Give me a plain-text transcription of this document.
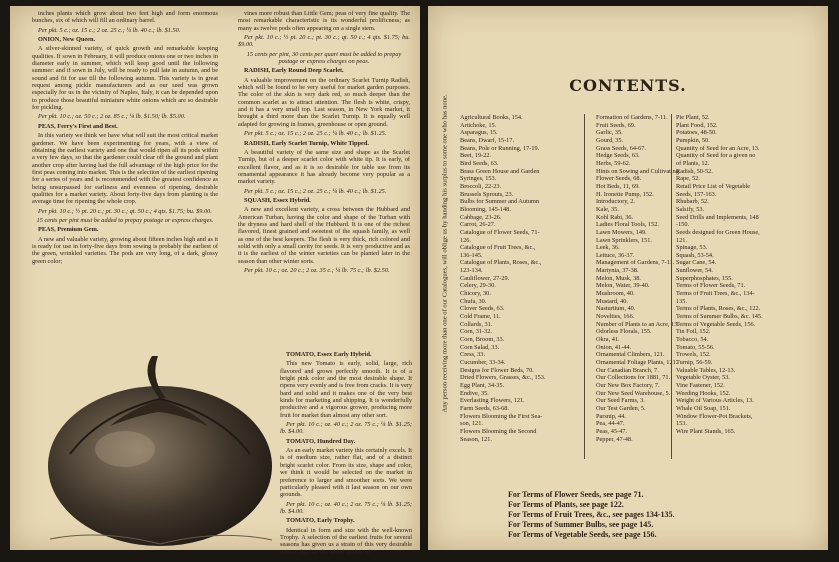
inches plants which grow about two feet high and form enormous bunches, six of which will fill an ordinary barrel.

Per pkt. 5 c.; oz. 15 c.; 2 oz. 25 c.; ¼ lb. 40 c.; lb. $1.50.

ONION, New Queen.

A silver-skinned variety, of quick growth and remarkable keeping qualities. If sown in February, it will produce onions one or two inches in diameter early in summer, which will keep good until the following summer: and if sown in July, will be ready to pull late in autumn, and be sound and fit for use till the following autumn. This variety is in great request among pickle manufacturers and as our seed was grown especially for us in the vicinity of Naples, Italy, it can be depended upon to produce those beautiful miniature white onions which are so desirable for pickling.

Per pkt. 10 c.; oz. 50 c.; 2 oz. 85 c.; ¼ lb. $1.50; lb. $5.00.

PEAS, Ferry's First and Best.

In this variety we think we have what will suit the most critical market gardener. We have been experimenting for years, with a view of obtaining the earliest variety and one that would ripen all its pods within a very few days, so that the gardener could clear off the ground and plant another crop after having had the full advantage of the high price for the first peas coming into market. This is the selection of the earliest ripening for a series of years and is recommended with the greatest confidence as being unsurpassed for earliness and evenness of ripening, desirable qualities for a market variety. About forty-five days from planting is the average time for ripening the whole crop.

Per pkt. 10 c.; ½ pt. 20 c.; pt. 30 c.; qt. 50 c.; 4 qts. $1.75; bu. $9.00.

15 cents per pint must be added to prepay postage or express charges.

PEAS, Premium Gem.

A new and valuable variety, growing about fifteen inches high and as it is ready for use in forty-five days from sowing is probably the earliest of the green, wrinkled varieties. The pods are very long, of a dark, glossy green color;

vines more robust than Little Gem; peas of very fine quality. The most remarkable characteristic is its wonderful prolificness; as many as twelve pods often appearing on a single stem.

Per pkt. 10 c.; ½ pt. 20 c.; pt. 30 c.; qt. 50 c.; 4 qts. $1.75; bu. $9.00.

15 cents per pint, 30 cents per quart must be added to prepay postage or express charges on peas.

RADISH, Early Round Deep Scarlet.

A valuable improvement on the ordinary Scarlet Turnip Radish, which will be found to be very useful for market garden purposes. The color of the skin is very dark red, so much deeper than the common scarlet as to attract attention. The flesh is white, crispy, and it has a very small top. Last season, in New York market, it brought a third more than the Scarlet Turnip. It is equally well adapted for growing in frames, greenhouse or open ground.

Per pkt. 5 c.; oz. 15 c.; 2 oz. 25 c.; ¼ lb. 40 c.; lb. $1.25.

RADISH, Early Scarlet Turnip, White Tipped.

A beautiful variety of the same size and shape as the Scarlet Turnip, but of a deeper scarlet color with white tip. It is early, of excellent flavor, and as it is so desirable for table use from its ornamental appearance it has already become very popular as a market variety.

Per pkt. 5 c.; oz. 15 c.; 2 oz. 25 c.; ¼ lb. 40 c.; lb. $1.25.

SQUASH, Essex Hybrid.

A new and excellent variety, a cross between the Hubbard and American Turban, having the color and shape of the Turban with the dryness and hard shell of the Hubbard. It is one of the richest flavored, finest grained and sweetest of the squash family, as well as one of the best keepers. The flesh is very thick, rich colored and solid with only a small cavity for seeds. It is very productive and as it is the earliest of the winter varieties can be planted later in the season than other winter sorts.

Per pkt. 10 c.; oz. 20 c.; 2 oz. 35 c.; ¼ lb. 75 c.; lb. $2.50.

TOMATO, Essex Early Hybrid.

This new Tomato is early, solid, large, rich flavored and grows perfectly smooth. It is of a bright pink color and the most desirable shape. It ripens very evenly and is free from cracks. It is very hard and solid and it makes one of the very best kinds for marketing and shipping. It is wonderfully productive and a vigorous grower, producing more fruit for market than almost any other sort.

Per pkt. 10 c.; oz. 40 c.; 2 oz. 75 c.; ¼ lb. $1.25; lb. $4.00.

TOMATO, Hundred Day.

As an early market variety this certainly excels. It is of medium size, rather flat, and of a distinct bright scarlet color. From its size, shape and color, we think it would be selected on the market in preference to larger and smoother sorts. We were particularly pleased with it last season on our own grounds.

Per pkt. 10 c.; oz. 40 c.; 2 oz. 75 c.; ¼ lb. $1.25; lb. $4.00.

TOMATO, Early Trophy.

Identical in form and size with the well-known Trophy. A selection of the earliest fruits for several seasons has given us a strain of this very desirable tomato that has the added quality of

Any person receiving more than one of our Catalogues, will oblige us by handing his surplus to some one who has none.
CONTENTS.
Agricultural Books, 154.
Artichoke, 15.
Asparagus, 15.
Beans, Dwarf, 15-17.
Beans, Pole or Running, 17-19.
Beet, 19-22.
Bird Seeds, 63.
Brass Green House and Garden
Syringes, 153.
Broccoli, 22-23.
Brussels Sprouts, 23.
Bulbs for Summer and Autumn
Blooming, 145-148.
Cabbage, 23-26.
Carrot, 26-27.
Catalogue of Flower Seeds, 71-
126.
Catalogue of Fruit Trees, &c.,
136-145.
Catalogue of Plants, Roses, &c.,
123-134.
Cauliflower, 27-29.
Celery, 29-30.
Chicory, 30.
Chufa, 30.
Clover Seeds, 63.
Cold Frame, 11.
Collards, 31.
Corn, 31-32.
Corn, Broom, 33.
Corn Salad, 33.
Cress, 33.
Cucumber, 33-34.
Designs for Flower Beds, 70.
Dried Flowers, Grasses, &c., 153.
Egg Plant, 34-35.
Endive, 35.
Everlasting Flowers, 121.
Farm Seeds, 63-68.
Flowers Blooming the First Sea-
son, 121.
Flowers Blooming the Second
Season, 121.
Formation of Gardens, 7-11.
Fruit Seeds, 69.
Garlic, 35.
Gourd, 35.
Grass Seeds, 64-67.
Hedge Seeds, 63.
Herbs, 59-62.
Hints on Sowing and Cultivating
Flower Seeds, 68.
Hot Beds, 11, 69.
H. Ironette Pump, 152.
Introductory, 2.
Kale, 35.
Kohl Rabi, 36.
Ladies Floral Tools, 152.
Lawn Mowers, 149.
Lawn Sprinklers, 151.
Leek, 36.
Lettuce, 36-37.
Management of Gardens, 7-11.
Martynia, 37-38.
Melon, Musk, 38.
Melon, Water, 39-40.
Mushroom, 40.
Mustard, 40.
Nasturtium, 40.
Novelties, 166.
Number of Plants to an Acre, 13.
Odorless Florals, 155.
Okra, 41.
Onion, 41-44.
Ornamental Climbers, 121.
Ornamental Foliage Plants, 121.
Our Canadian Branch, 7.
Our Collections for 1881, 71.
Our New Box Factory, 7.
Our New Seed Warehouse, 5.
Our Seed Farms, 3.
Our Test Garden, 5.
Parsnip, 44.
Pea, 44-47.
Peas, 45-47.
Pepper, 47-48.
Pie Plant, 52.
Plant Food, 152.
Potatoes, 48-50.
Pumpkin, 50.
Quantity of Seed for an Acre, 13.
Quantity of Seed for a given no
of Plants, 12.
Radish, 50-52.
Rape, 52.
Retail Price List of Vegetable
Seeds, 157-163.
Rhubarb, 52.
Salsify, 53.
Seed Drills and Implements, 148
-150.
Seeds designed for Green House,
121.
Spinage, 53.
Squash, 53-54.
Sugar Cane, 54.
Sunflower, 54.
Superphosphates, 155.
Terms of Flower Seeds, 71.
Terms of Fruit Trees, &c., 134-
135.
Terms of Plants, Roses, &c., 122.
Terms of Summer Bulbs, &c. 145.
Terms of Vegetable Seeds, 156.
Tin Foil, 152.
Tobacco, 54.
Tomato, 55-56.
Trowels, 152.
Turnip, 56-59.
Valuable Tables, 12-13.
Vegetable Oyster, 53.
Vine Fastener, 152.
Weeding Hooks, 152.
Weight of Various Articles, 13.
Whale Oil Soap, 151.
Window Flower-Pot Brackets,
153.
Wire Plant Stands, 165.
For Terms of Flower Seeds, see page 71.
For Terms of Plants, see page 122.
For Terms of Fruit Trees, &c., see pages 134-135.
For Terms of Summer Bulbs, see page 145.
For Terms of Vegetable Seeds, see page 156.
